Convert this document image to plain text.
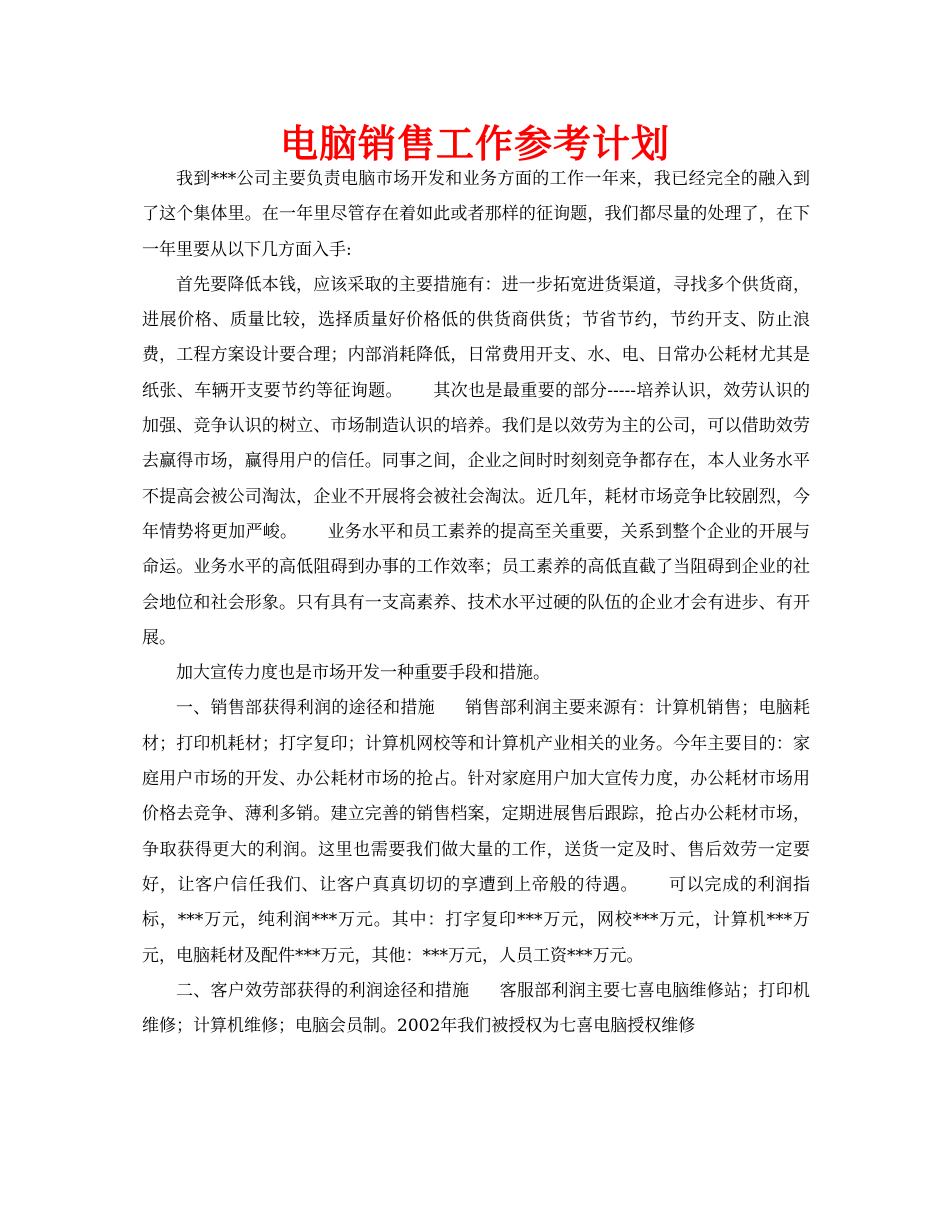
电脑销售工作参考计划

我到***公司主要负责电脑市场开发和业务方面的工作一年来，我已经完全的融入到了这个集体里。在一年里尽管存在着如此或者那样的征询题，我们都尽量的处理了，在下一年里要从以下几方面入手:

首先要降低本钱，应该采取的主要措施有：进一步拓宽进货渠道，寻找多个供货商，进展价格、质量比较，选择质量好价格低的供货商供货；节省节约，节约开支、防止浪费，工程方案设计要合理；内部消耗降低，日常费用开支、水、电、日常办公耗材尤其是纸张、车辆开支要节约等征询题。 其次也是最重要的部分-----培养认识，效劳认识的加强、竞争认识的树立、市场制造认识的培养。我们是以效劳为主的公司，可以借助效劳去赢得市场，赢得用户的信任。同事之间，企业之间时时刻刻竞争都存在，本人业务水平不提高会被公司淘汰，企业不开展将会被社会淘汰。近几年，耗材市场竞争比较剧烈，今年情势将更加严峻。 业务水平和员工素养的提高至关重要，关系到整个企业的开展与命运。业务水平的高低阻碍到办事的工作效率；员工素养的高低直截了当阻碍到企业的社会地位和社会形象。只有具有一支高素养、技术水平过硬的队伍的企业才会有进步、有开展。

加大宣传力度也是市场开发一种重要手段和措施。

一、销售部获得利润的途径和措施 销售部利润主要来源有：计算机销售；电脑耗材；打印机耗材；打字复印；计算机网校等和计算机产业相关的业务。今年主要目的：家庭用户市场的开发、办公耗材市场的抢占。针对家庭用户加大宣传力度，办公耗材市场用价格去竞争、薄利多销。建立完善的销售档案，定期进展售后跟踪，抢占办公耗材市场，争取获得更大的利润。这里也需要我们做大量的工作，送货一定及时、售后效劳一定要好，让客户信任我们、让客户真真切切的享遭到上帝般的待遇。 可以完成的利润指标，***万元，纯利润***万元。其中：打字复印***万元，网校***万元，计算机***万元，电脑耗材及配件***万元，其他：***万元，人员工资***万元。

二、客户效劳部获得的利润途径和措施 客服部利润主要七喜电脑维修站；打印机维修；计算机维修；电脑会员制。2002年我们被授权为七喜电脑授权维修
